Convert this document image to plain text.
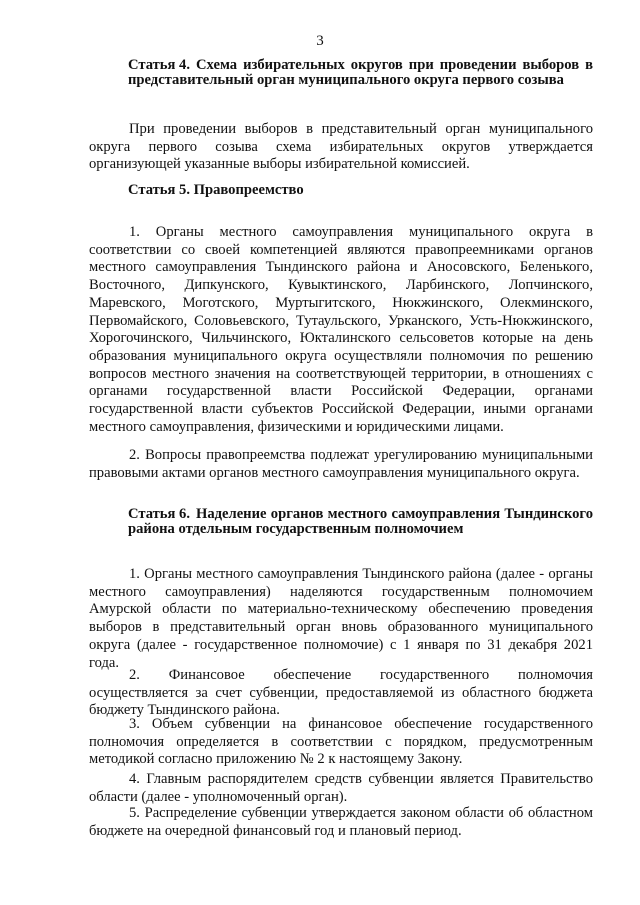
3
Статья 4. Схема избирательных округов при проведении выборов в представительный орган муниципального округа первого созыва

При проведении выборов в представительный орган муниципального округа первого созыва схема избирательных округов утверждается организующей указанные выборы избирательной комиссией.

Статья 5. Правопреемство

1. Органы местного самоуправления муниципального округа в соответствии со своей компетенцией являются правопреемниками органов местного самоуправления Тындинского района и Аносовского, Беленького, Восточного, Дипкунского, Кувыктинского, Ларбинского, Лопчинского, Маревского, Моготского, Муртыгитского, Нюкжинского, Олекминского, Первомайского, Соловьевского, Тутаульского, Урканского, Усть-Нюкжинского, Хорогочинского, Чильчинского, Юкталинского сельсоветов которые на день образования муниципального округа осуществляли полномочия по решению вопросов местного значения на соответствующей территории, в отношениях с органами государственной власти Российской Федерации, органами государственной власти субъектов Российской Федерации, иными органами местного самоуправления, физическими и юридическими лицами.

2. Вопросы правопреемства подлежат урегулированию муниципальными правовыми актами органов местного самоуправления муниципального округа.

Статья 6. Наделение органов местного самоуправления Тындинского района отдельным государственным полномочием

1. Органы местного самоуправления Тындинского района (далее - органы местного самоуправления) наделяются государственным полномочием Амурской области по материально-техническому обеспечению проведения выборов в представительный орган вновь образованного муниципального округа (далее - государственное полномочие) с 1 января по 31 декабря 2021 года.

2. Финансовое обеспечение государственного полномочия осуществляется за счет субвенции, предоставляемой из областного бюджета бюджету Тындинского района.

3. Объем субвенции на финансовое обеспечение государственного полномочия определяется в соответствии с порядком, предусмотренным методикой согласно приложению № 2 к настоящему Закону.

4. Главным распорядителем средств субвенции является Правительство области (далее - уполномоченный орган).

5. Распределение субвенции утверждается законом области об областном бюджете на очередной финансовый год и плановый период.
